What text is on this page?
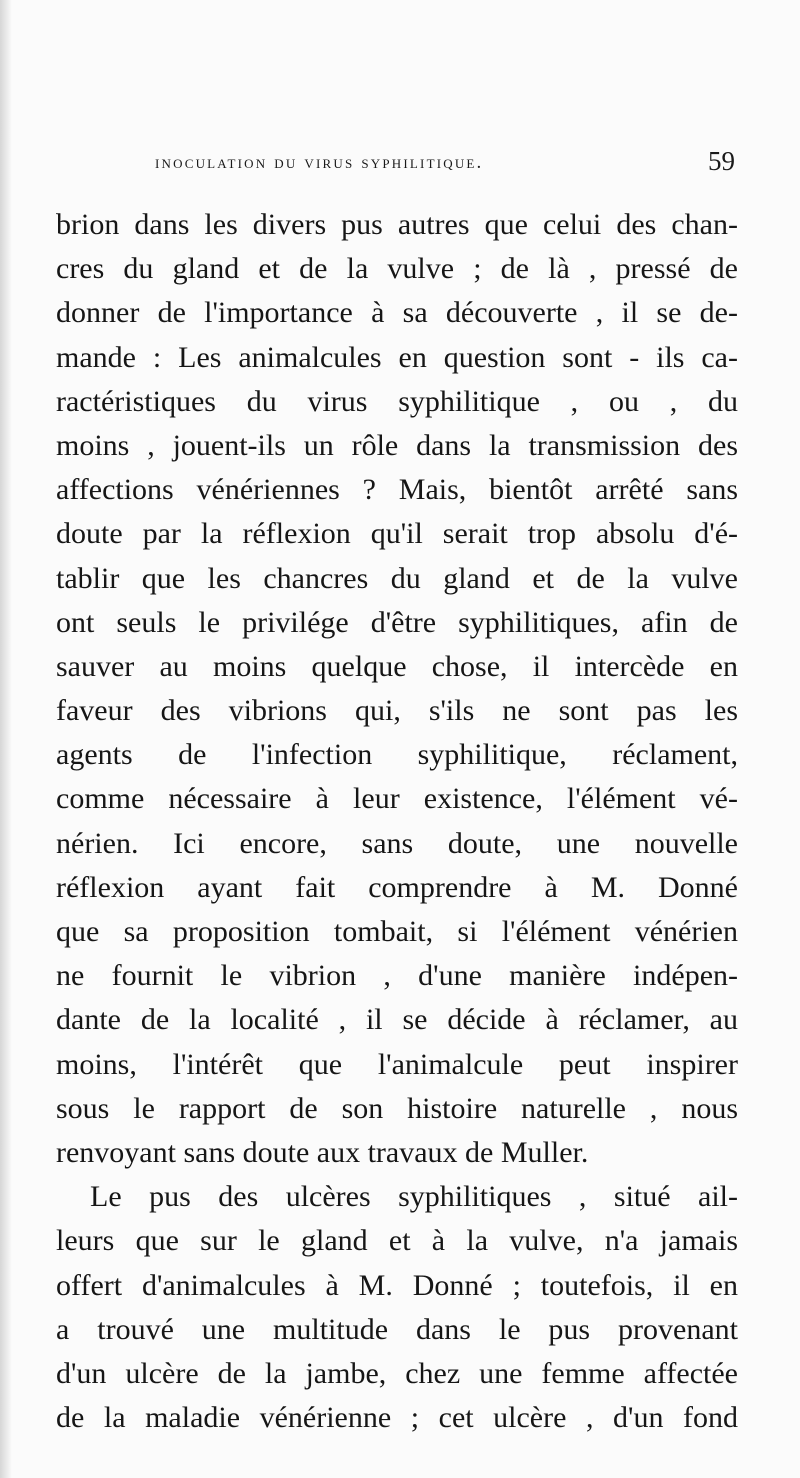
inoculation du virus syphilitique.	59
brion dans les divers pus autres que celui des chan-
cres du gland et de la vulve ; de là , pressé de
donner de l'importance à sa découverte , il se de-
mande : Les animalcules en question sont - ils ca-
ractéristiques du virus syphilitique , ou , du
moins , jouent-ils un rôle dans la transmission des
affections vénériennes ? Mais, bientôt arrêté sans
doute par la réflexion qu'il serait trop absolu d'é-
tablir que les chancres du gland et de la vulve
ont seuls le privilége d'être syphilitiques, afin de
sauver au moins quelque chose, il intercède en
faveur des vibrions qui, s'ils ne sont pas les
agents de l'infection syphilitique, réclament,
comme nécessaire à leur existence, l'élément vé-
nérien. Ici encore, sans doute, une nouvelle
réflexion ayant fait comprendre à M. Donné
que sa proposition tombait, si l'élément vénérien
ne fournit le vibrion , d'une manière indépen-
dante de la localité , il se décide à réclamer, au
moins, l'intérêt que l'animalcule peut inspirer
sous le rapport de son histoire naturelle , nous
renvoyant sans doute aux travaux de Muller.
Le pus des ulcères syphilitiques , situé ail-
leurs que sur le gland et à la vulve, n'a jamais
offert d'animalcules à M. Donné ; toutefois, il en
a trouvé une multitude dans le pus provenant
d'un ulcère de la jambe, chez une femme affectée
de la maladie vénérienne ; cet ulcère , d'un fond
